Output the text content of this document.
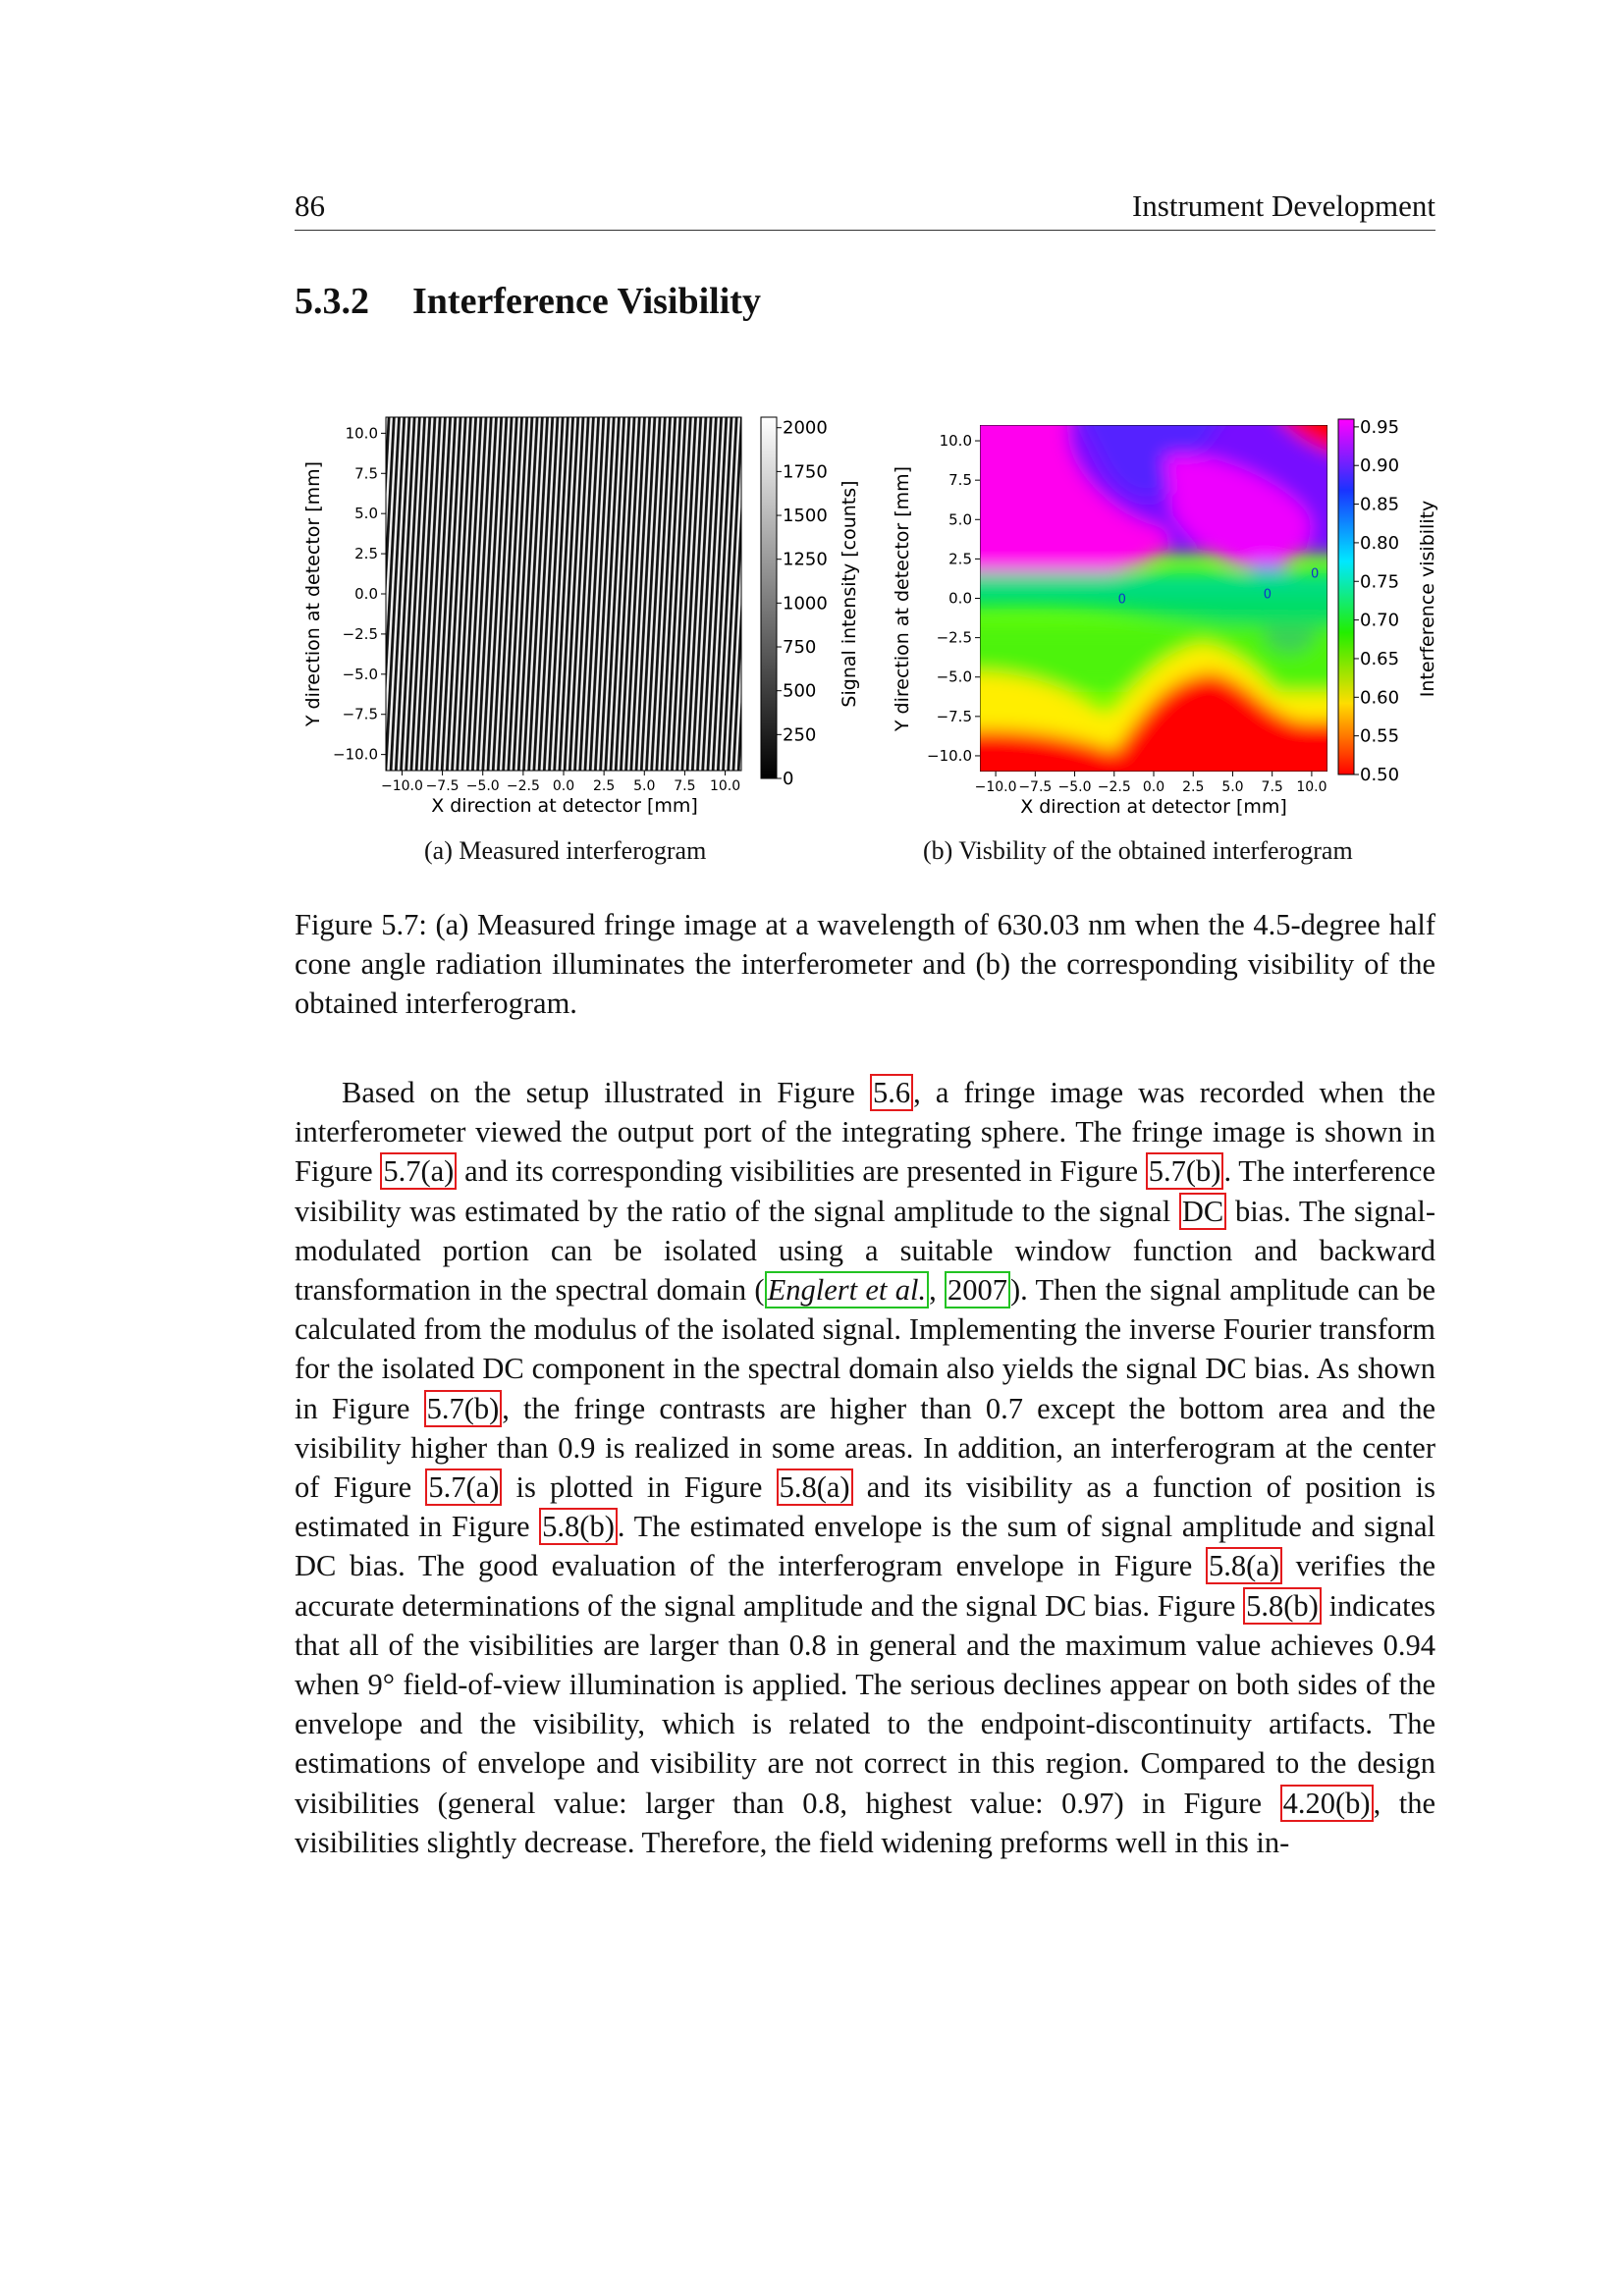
86	Instrument Development
5.3.2 Interference Visibility
Y direction at detector [mm]
X direction at detector [mm]
Signal intensity [counts]
−10.0 −7.5 −5.0 −2.5 0.0 2.5 5.0 7.5 10.0
10.0
7.5
5.0
2.5
0.0
−2.5
−5.0
−7.5
−10.0
2000
1750
1500
1250
1000
750
500
250
0
(a) Measured interferogram
0	0
0
Y direction at detector [mm]
X direction at detector [mm]
Interference visibility
−10.0 −7.5 −5.0 −2.5 0.0 2.5 5.0 7.5 10.0
10.0
7.5
5.0
2.5
0.0
−2.5
−5.0
−7.5
−10.0
0.95
0.90
0.85
0.80
0.75
0.70
0.65
0.60
0.55
0.50
(b) Visbility of the obtained interferogram
Figure 5.7: (a) Measured fringe image at a wavelength of 630.03 nm when the 4.5-degree half cone angle radiation illuminates the interferometer and (b) the corresponding visibility of the obtained interferogram.
Based on the setup illustrated in Figure 5.6, a fringe image was recorded when the interferometer viewed the output port of the integrating sphere. The fringe image is shown in Figure 5.7(a) and its corresponding visibilities are presented in Figure 5.7(b). The interference visibility was estimated by the ratio of the signal amplitude to the signal DC bias. The signal-modulated portion can be isolated using a suitable window function and backward transformation in the spectral domain (Englert et al., 2007). Then the signal amplitude can be calculated from the modulus of the isolated signal. Implementing the inverse Fourier transform for the isolated DC component in the spectral domain also yields the signal DC bias. As shown in Figure 5.7(b), the fringe contrasts are higher than 0.7 except the bottom area and the visibility higher than 0.9 is realized in some areas. In addition, an interferogram at the center of Figure 5.7(a) is plotted in Figure 5.8(a) and its visibility as a function of position is estimated in Figure 5.8(b). The estimated envelope is the sum of signal amplitude and signal DC bias. The good evaluation of the interferogram envelope in Figure 5.8(a) verifies the accurate determinations of the signal amplitude and the signal DC bias. Figure 5.8(b) indicates that all of the visibilities are larger than 0.8 in general and the maximum value achieves 0.94 when 9° field-of-view illumination is applied. The serious declines appear on both sides of the envelope and the visibility, which is related to the endpoint-discontinuity artifacts. The estimations of envelope and visibility are not correct in this region. Compared to the design visibilities (general value: larger than 0.8, highest value: 0.97) in Figure 4.20(b), the visibilities slightly decrease. Therefore, the field widening preforms well in this in-
